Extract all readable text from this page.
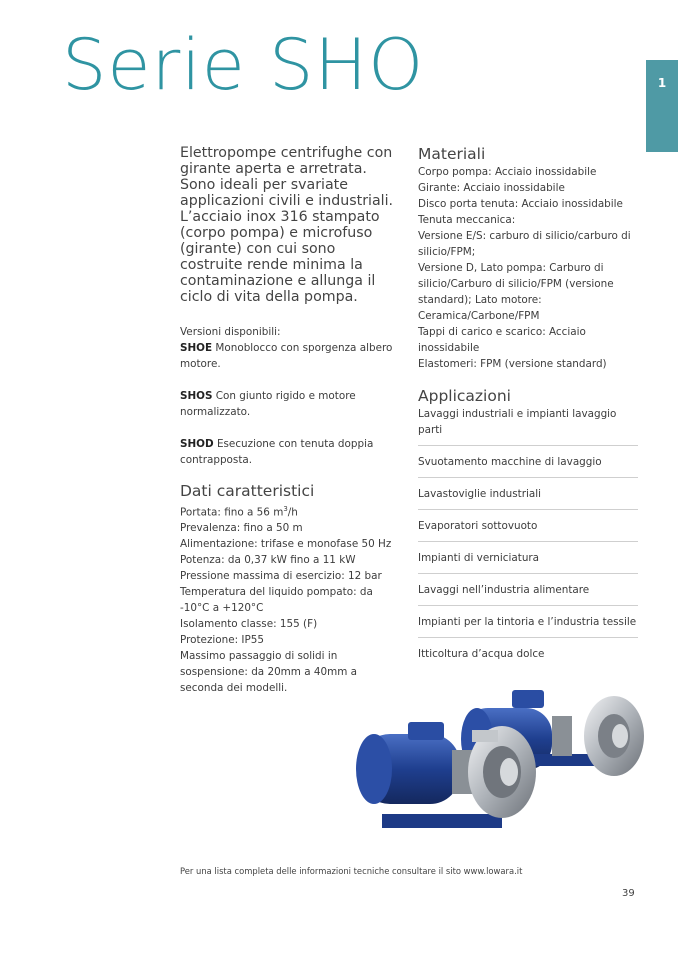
Serie SHO	1

Elettropompe centrifughe con girante aperta e arretrata. Sono ideali per svariate applicazioni civili e industriali. L’acciaio inox 316 stampato (corpo pompa) e microfuso (girante) con cui sono costruite rende minima la contaminazione e allunga il ciclo di vita della pompa.

Versioni disponibili:

SHOE Monoblocco con sporgenza albero motore.

SHOS Con giunto rigido e motore normalizzato.

SHOD Esecuzione con tenuta doppia contrapposta.

Dati caratteristici

Portata: fino a 56 $m^3/h$

Prevalenza: fino a 50 m

Alimentazione: trifase e monofase 50 Hz

Potenza: da 0,37 kW fino a 11 kW

Pressione massima di esercizio: 12 bar

Temperatura del liquido pompato: da -10°C a +120°C

Isolamento classe: 155 (F)

Protezione: IP55

Massimo passaggio di solidi in sospensione: da 20mm a 40mm a seconda dei modelli.

Materiali

Corpo pompa: Acciaio inossidabile

Girante: Acciaio inossidabile

Disco porta tenuta: Acciaio inossidabile

Tenuta meccanica:

Versione E/S: carburo di silicio/carburo di silicio/FPM;

Versione D, Lato pompa: Carburo di silicio/Carburo di silicio/FPM (versione standard); Lato motore: Ceramica/Carbone/FPM

Tappi di carico e scarico: Acciaio inossidabile

Elastomeri: FPM (versione standard)

Applicazioni
Lavaggi industriali e impianti lavaggio parti
Svuotamento macchine di lavaggio
Lavastoviglie industriali
Evaporatori sottovuoto
Impianti di verniciatura
Lavaggi nell’industria alimentare
Impianti per la tintoria e l’industria tessile
Itticoltura d’acqua dolce
Per una lista completa delle informazioni tecniche consultare il sito www.lowara.it
39
